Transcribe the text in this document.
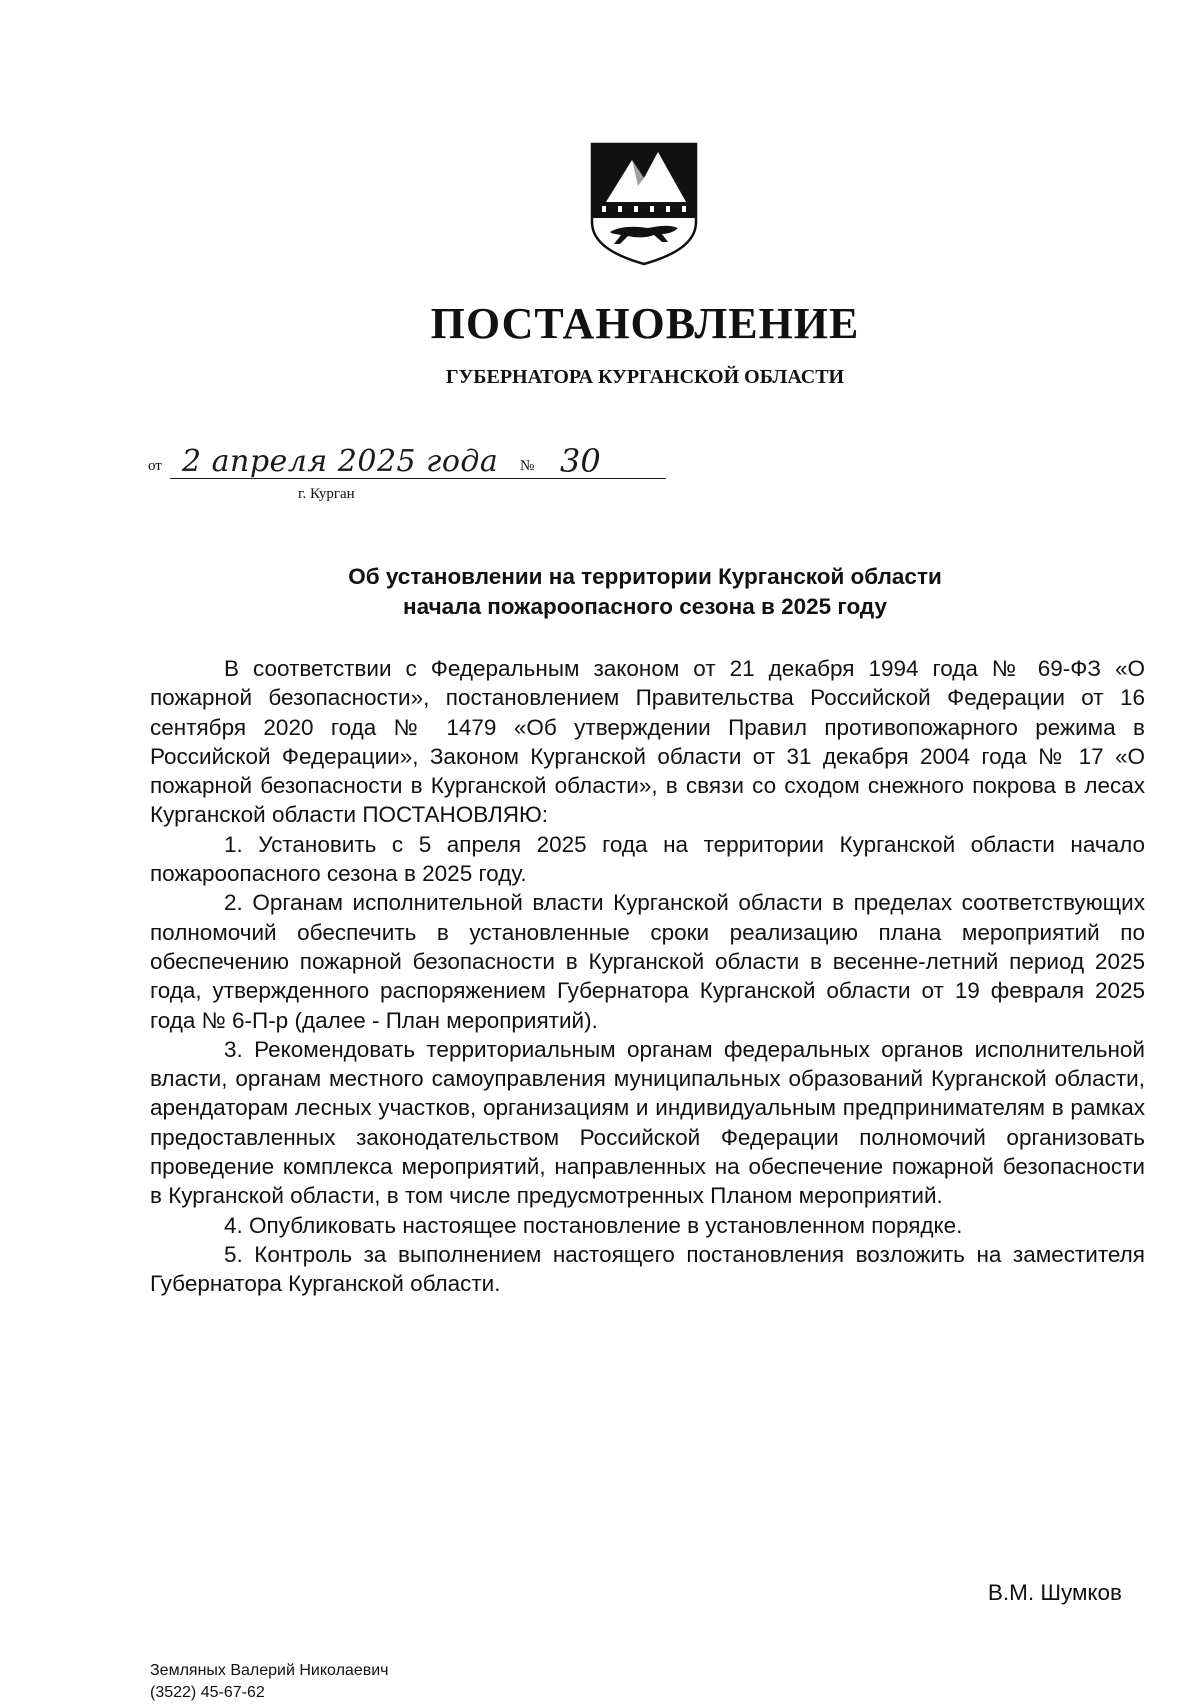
ПОСТАНОВЛЕНИЕ
ГУБЕРНАТОРА КУРГАНСКОЙ ОБЛАСТИ
от 2 апреля 2025 года № 30
г. Курган
Об установлении на территории Курганской области
начала пожароопасного сезона в 2025 году

В соответствии с Федеральным законом от 21 декабря 1994 года № 69-ФЗ «О пожарной безопасности», постановлением Правительства Российской Федерации от 16 сентября 2020 года № 1479 «Об утверждении Правил противопожарного режима в Российской Федерации», Законом Курганской области от 31 декабря 2004 года № 17 «О пожарной безопасности в Курганской области», в связи со сходом снежного покрова в лесах Курганской области ПОСТАНОВЛЯЮ:

1. Установить с 5 апреля 2025 года на территории Курганской области начало пожароопасного сезона в 2025 году.

2. Органам исполнительной власти Курганской области в пределах соответствующих полномочий обеспечить в установленные сроки реализацию плана мероприятий по обеспечению пожарной безопасности в Курганской области в весенне-летний период 2025 года, утвержденного распоряжением Губернатора Курганской области от 19 февраля 2025 года № 6-П-р (далее - План мероприятий).

3. Рекомендовать территориальным органам федеральных органов исполнительной власти, органам местного самоуправления муниципальных образований Курганской области, арендаторам лесных участков, организациям и индивидуальным предпринимателям в рамках предоставленных законодательством Российской Федерации полномочий организовать проведение комплекса мероприятий, направленных на обеспечение пожарной безопасности в Курганской области, в том числе предусмотренных Планом мероприятий.

4. Опубликовать настоящее постановление в установленном порядке.

5. Контроль за выполнением настоящего постановления возложить на заместителя Губернатора Курганской области.

В.М. Шумков
Земляных Валерий Николаевич
(3522) 45-67-62
